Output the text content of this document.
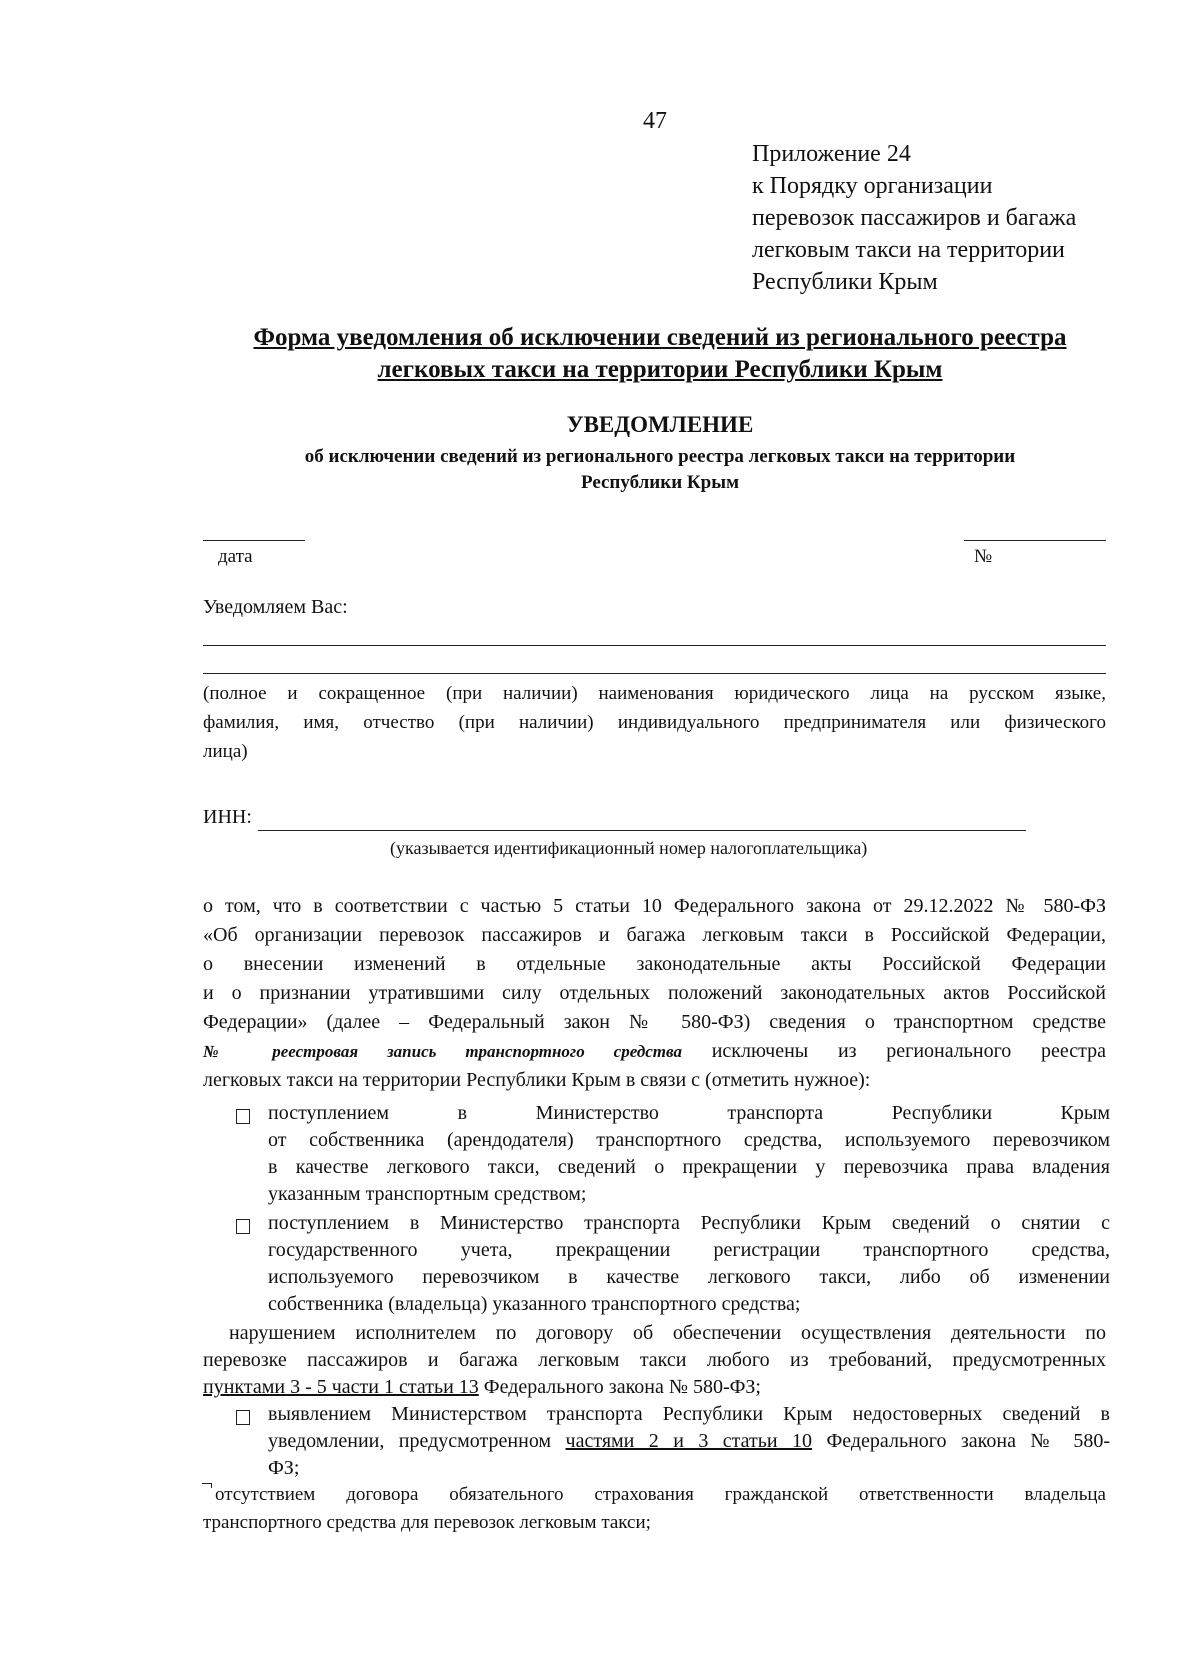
47
Приложение 24
к Порядку организации
перевозок пассажиров и багажа
легковым такси на территории
Республики Крым
Форма уведомления об исключении сведений из регионального реестра
легковых такси на территории Республики Крым
УВЕДОМЛЕНИЕ
об исключении сведений из регионального реестра легковых такси на территории
Республики Крым
дата	№
Уведомляем Вас:
(полное и сокращенное (при наличии) наименования юридического лица на русском языке,
фамилия, имя, отчество (при наличии) индивидуального предпринимателя или физического
лица)
ИНН:
(указывается идентификационный номер налогоплательщика)
о том, что в соответствии с частью 5 статьи 10 Федерального закона от 29.12.2022 № 580-ФЗ
«Об организации перевозок пассажиров и багажа легковым такси в Российской Федерации,
о внесении изменений в отдельные законодательные акты Российской Федерации
и о признании утратившими силу отдельных положений законодательных актов Российской
Федерации» (далее – Федеральный закон № 580-ФЗ) сведения о транспортном средстве
№ реестровая запись транспортного средства исключены из регионального реестра
легковых такси на территории Республики Крым в связи с (отметить нужное):
поступлением в Министерство транспорта Республики Крым
от собственника (арендодателя) транспортного средства, используемого перевозчиком
в качестве легкового такси, сведений о прекращении у перевозчика права владения
указанным транспортным средством;
поступлением в Министерство транспорта Республики Крым сведений о снятии с
государственного учета, прекращении регистрации транспортного средства,
используемого перевозчиком в качестве легкового такси, либо об изменении
собственника (владельца) указанного транспортного средства;
нарушением исполнителем по договору об обеспечении осуществления деятельности по
перевозке пассажиров и багажа легковым такси любого из требований, предусмотренных
пунктами 3 - 5 части 1 статьи 13 Федерального закона № 580-ФЗ;
выявлением Министерством транспорта Республики Крым недостоверных сведений в
уведомлении, предусмотренном частями 2 и 3 статьи 10 Федерального закона № 580-
ФЗ;
отсутствием договора обязательного страхования гражданской ответственности владельца
транспортного средства для перевозок легковым такси;
